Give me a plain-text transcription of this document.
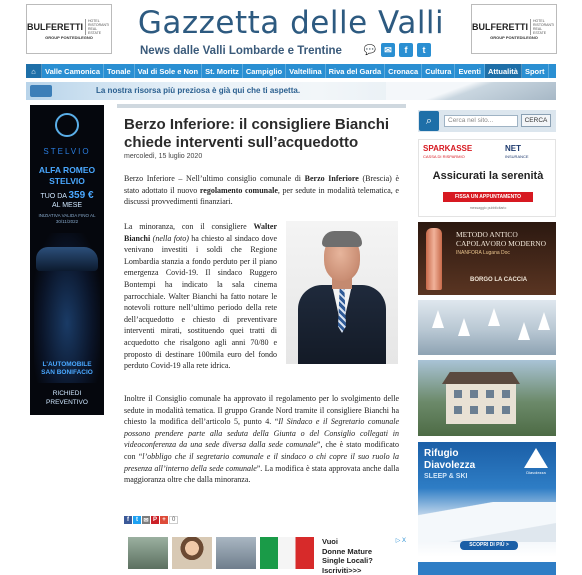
BULFERETTI
HOTEL
RISTORANTI
REAL ESTATE
GROUP PONTEDILEGNO	Gazzetta delle Valli
News dalle Valli Lombarde e Trentine 💬 ✉	f	t
BULFERETTI
HOTEL
RISTORANTI
REAL ESTATE
GROUP PONTEDILEGNO
⌂	Valle Camonica Tonale Val di Sole e Non St. Moritz Campiglio Valtellina Riva del Garda Cronaca Cultura Eventi Attualità Sport
La nostra risorsa più preziosa è già qui che ti aspetta.
STELVIO
ALFA ROMEO
STELVIO
TUO DA 359 €
AL MESE
INIZIATIVA VALIDA FINO AL
30/11/2022
L'AUTOMOBILE
SAN BONIFACIO
RICHIEDI
PREVENTIVO
Berzo Inferiore: il consigliere Bianchi chiede interventi sull’acquedotto
mercoledì, 15 luglio 2020

Berzo Inferiore – Nell’ultimo consiglio comunale di Berzo Inferiore (Brescia) è stato adottato il nuovo regolamento comunale, per sedute in modalità telematica, e discussi provvedimenti finanziari.

La minoranza, con il consigliere Walter Bianchi (nella foto) ha chiesto al sindaco dove venivano investiti i soldi che Regione Lombardia stanzia a fondo perduto per il piano emergenza Covid-19. Il sindaco Ruggero Bontempi ha indicato la sala cinema parrocchiale. Walter Bianchi ha fatto notare le notevoli rotture nell’ultimo periodo della rete dell’acquedotto e chiesto di preventivare interventi mirati, sostituendo quei tratti di acquedotto che risalgono agli anni 70/80 e proposto di destinare 100mila euro del fondo perduto Covid-19 alla rete idrica.

Inoltre il Consiglio comunale ha approvato il regolamento per lo svolgimento delle sedute in modalità tematica. Il gruppo Grande Nord tramite il consigliere Bianchi ha chiesto la modifica dell’articolo 5, punto 4. “Il Sindaco e il Segretario comunale possono prendere parte alla seduta della Giunta o del Consiglio collegati in videoconferenza da una sede diversa dalla sede comunale”, che è stato modificato con “l’obbligo che il segretario comunale e il sindaco o chi copre il suo ruolo la presenza all’interno della sede comunale”. La modifica è stata approvata anche dalla maggioranza oltre che dalla minoranza.

f	t ✉ P +	0
Vuoi
Donne Mature
Single Locali?
Iscriviti>>>
▷ X
⌕	Cerca nel sito...	CERCA
SPARKASSE
CASSA DI RISPARMIO
NET
INSURANCE
Assicurati la serenità
FISSA UN APPUNTAMENTO
messaggio pubblicitario
METODO ANTICO
CAPOLAVORO MODERNO
INANFORA Lugana Doc
BORGO LA CACCIA
Rifugio
Diavolezza
SLEEP & SKI
Diavolezza
SCOPRI DI PIÙ >
